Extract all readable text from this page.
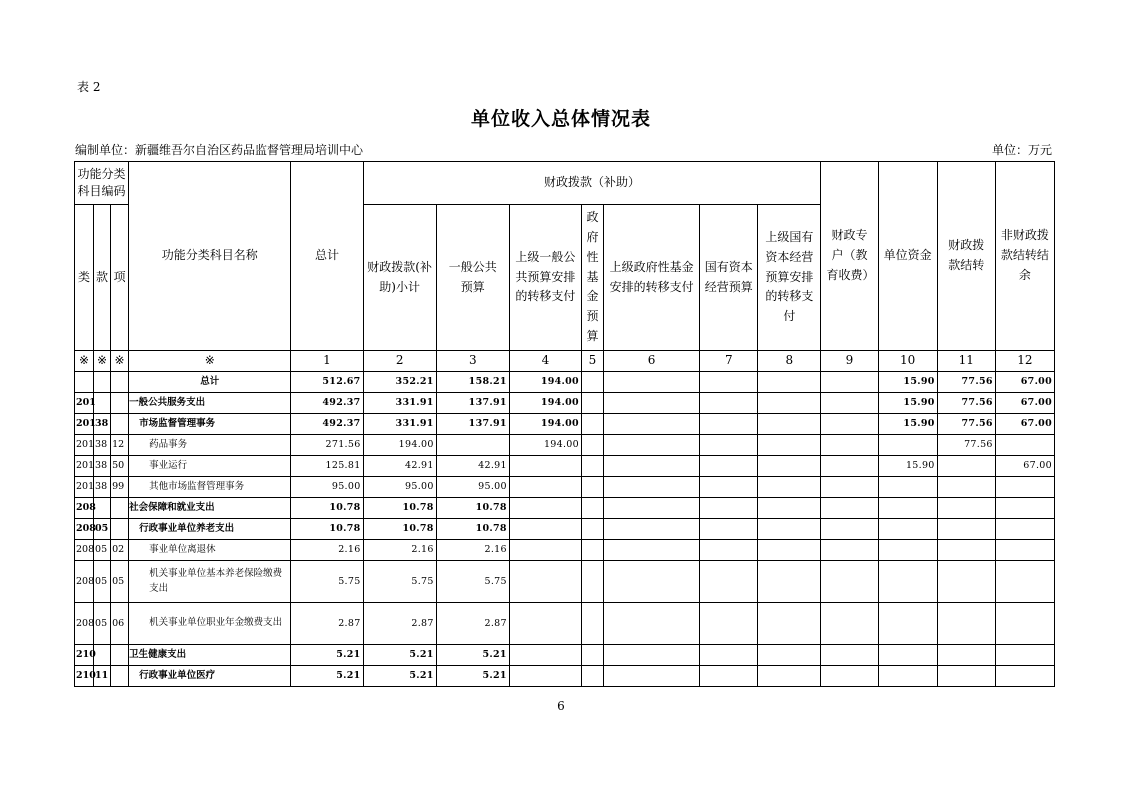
表 2
单位收入总体情况表
编制单位：新疆维吾尔自治区药品监督管理局培训中心	单位：万元
功能分类科目编码			功能分类科目名称	总计	财政拨款（补助）							财政专户（教育收费）	单位资金	财政拨款结转	非财政拨款结转结余
类	款	项			财政拨款(补助)小计	一般公共预算	上级一般公共预算安排的转移支付	政府性基金预算	上级政府性基金安排的转移支付	国有资本经营预算	上级国有资本经营预算安排的转移支付				
※	※	※	※	1	2	3	4	5	6	7	8	9	10	11	12
			总计	512.67	352.21	158.21	194.00						15.90	77.56	67.00
201			一般公共服务支出	492.37	331.91	137.91	194.00						15.90	77.56	67.00
201	38		市场监督管理事务	492.37	331.91	137.91	194.00						15.90	77.56	67.00
201	38	12	药品事务	271.56	194.00		194.00							77.56	
201	38	50	事业运行	125.81	42.91	42.91							15.90		67.00
201	38	99	其他市场监督管理事务	95.00	95.00	95.00									
208			社会保障和就业支出	10.78	10.78	10.78									
208	05		行政事业单位养老支出	10.78	10.78	10.78									
208	05	02	事业单位离退休	2.16	2.16	2.16									
208	05	05	机关事业单位基本养老保险缴费支出	5.75	5.75	5.75									
208	05	06	机关事业单位职业年金缴费支出	2.87	2.87	2.87									
210			卫生健康支出	5.21	5.21	5.21									
210	11		行政事业单位医疗	5.21	5.21	5.21									
6
